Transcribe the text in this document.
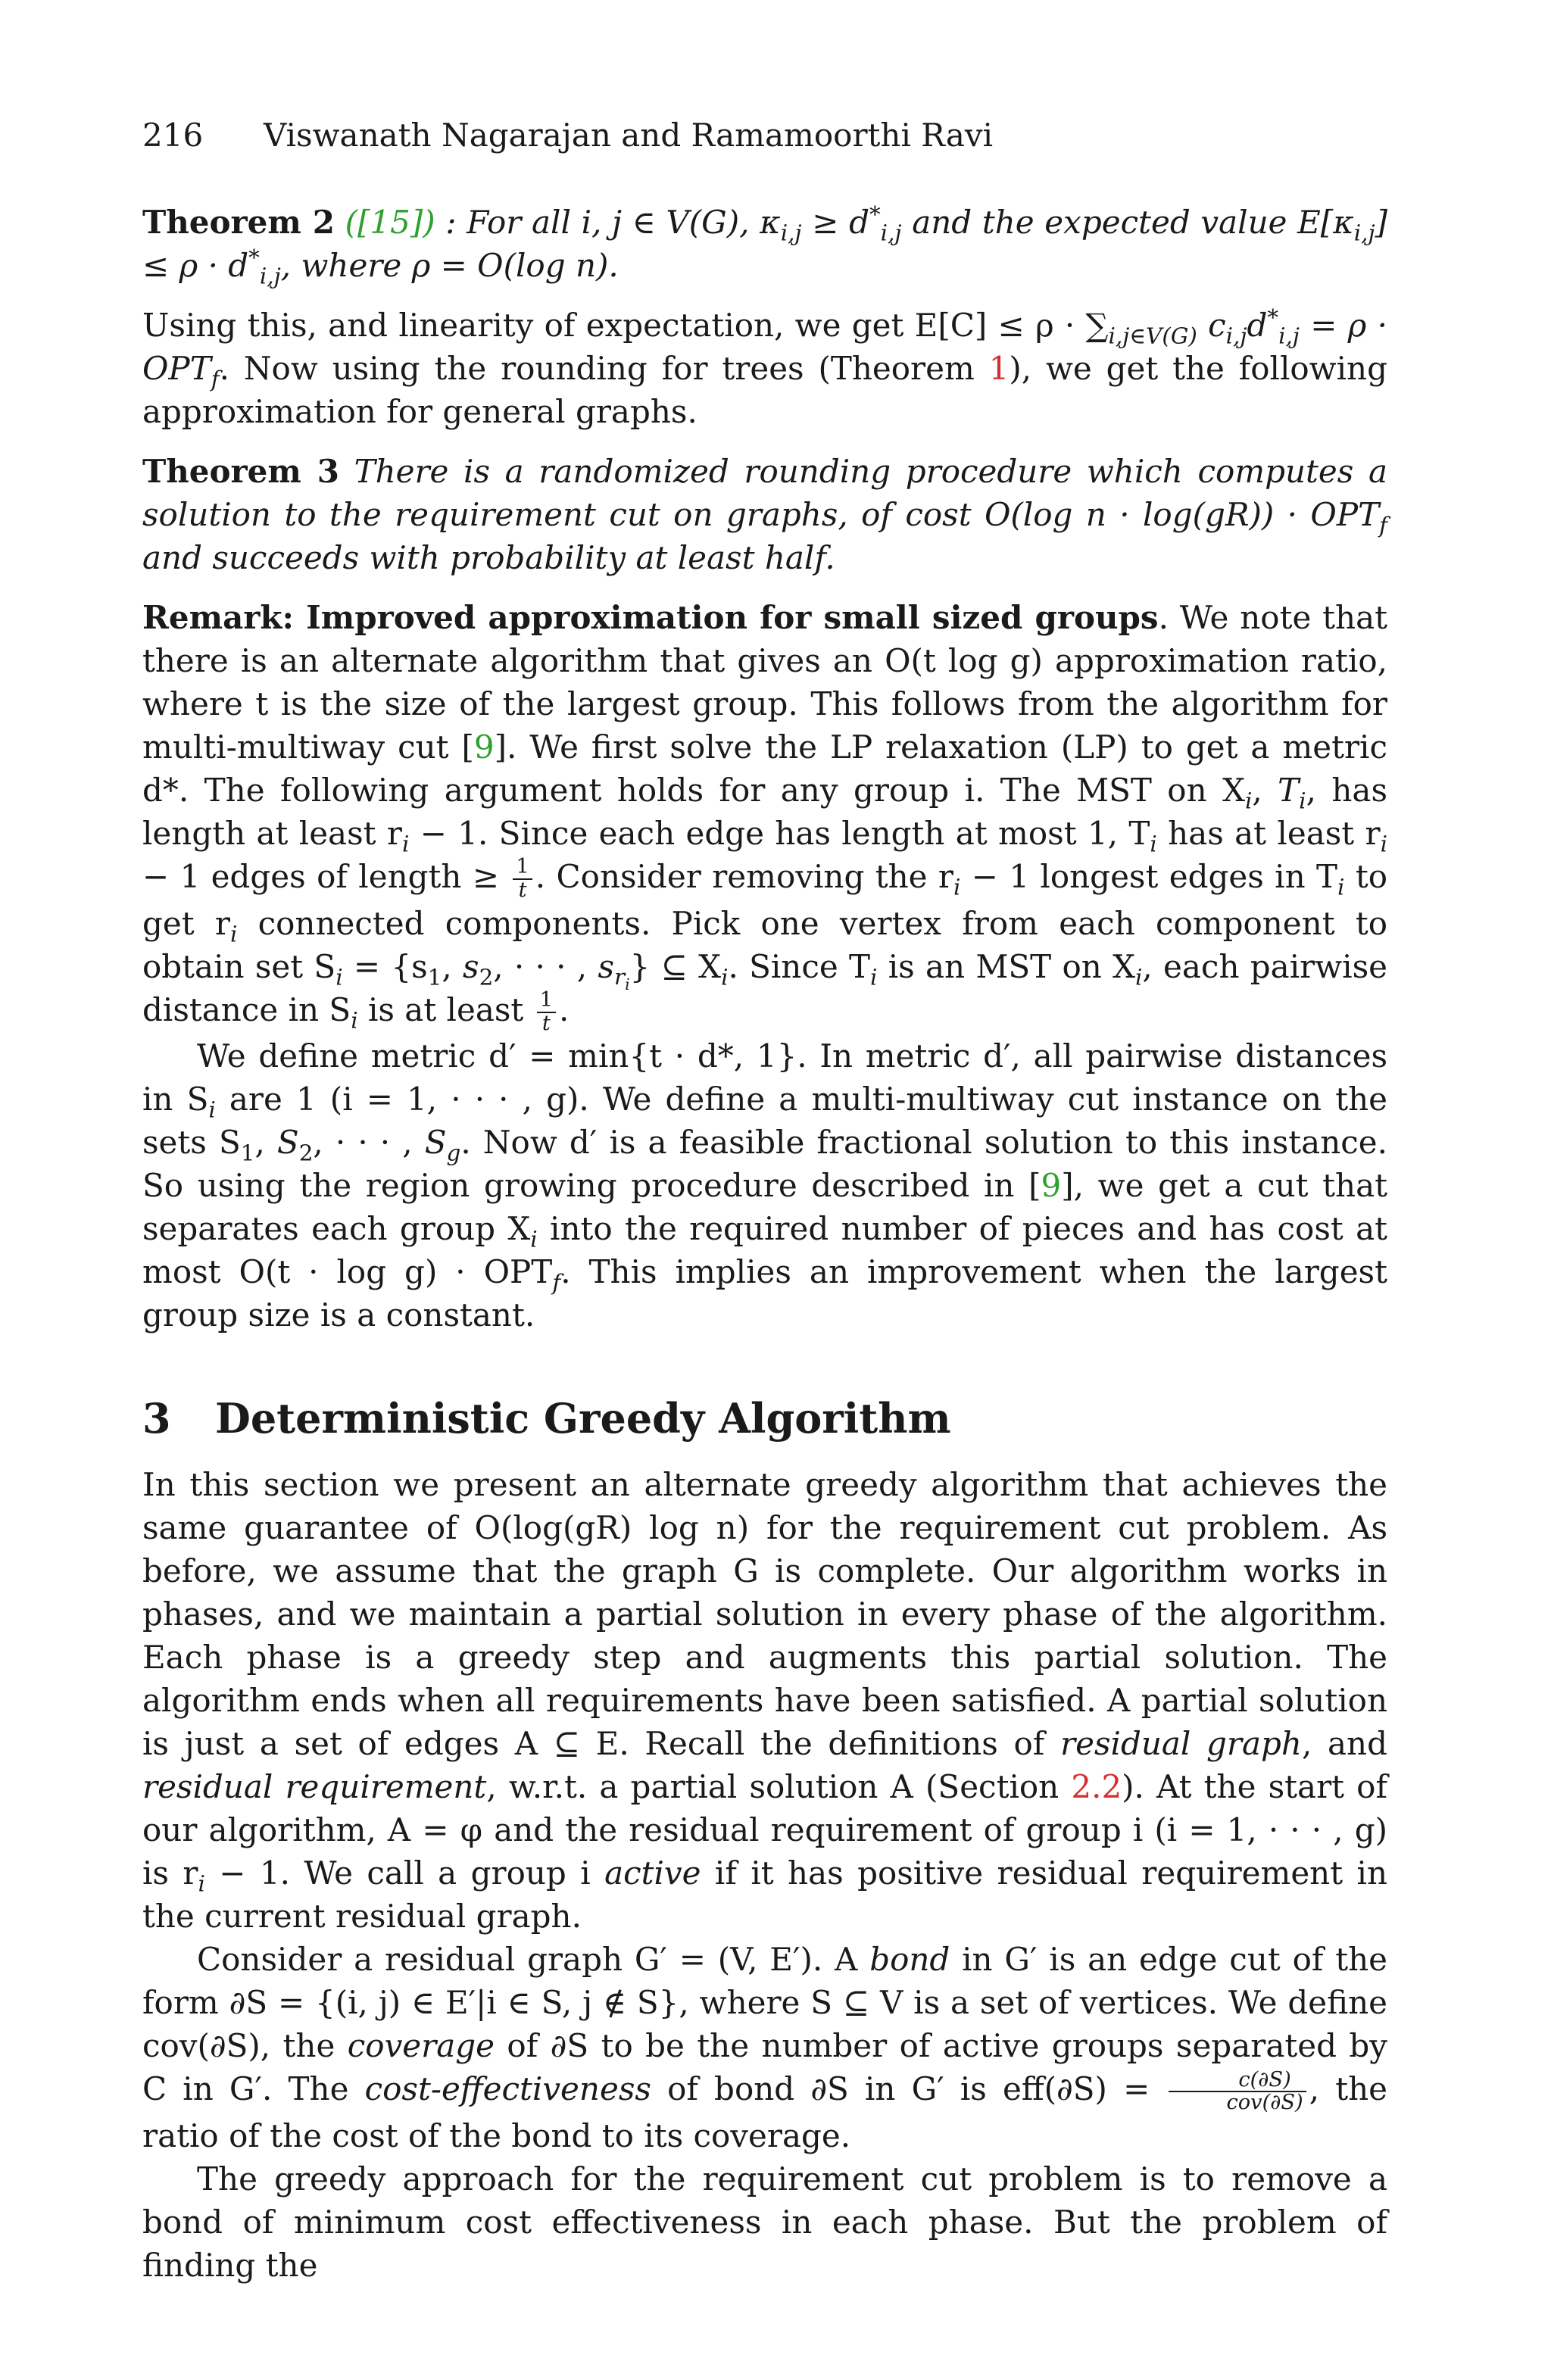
216 Viswanath Nagarajan and Ramamoorthi Ravi

Theorem 2 ([15]) : For all i, j ∈ V(G), $\kappa_{i,j} \ge d^*_{i,j}$ and the expected value $E[\kappa_{i,j}] \le \rho \cdot d^*_{i,j}$, where ρ = O(log n).

Using this, and linearity of expectation, we get $E[C] \le \rho \cdot \sum_{i,j\in V(G)}$ $c_{i,j}d^*_{i,j} = \rho \cdot OPT_f$. Now using the rounding for trees (Theorem 1), we get the following approximation for general graphs.

Theorem 3 There is a randomized rounding procedure which computes a solution to the requirement cut on graphs, of cost O(log $n \cdot \log(gR)) \cdot OPT_f$ and succeeds with probability at least half.

Remark: Improved approximation for small sized groups. We note that there is an alternate algorithm that gives an O(t log g) approximation ratio, where t is the size of the largest group. This follows from the algorithm for multi-multiway cut [9]. We first solve the LP relaxation (LP) to get a metric d*. The following argument holds for any group i. The MST on $X_i$, $T_i$, has length at least $r_i - 1$. Since each edge has length at most 1, $T_i$ has at least $r_i - 1$ edges of length ≥ $\frac{1}{t}$ . Consider removing the $r_i - 1$ longest edges in $T_i$ to get $r_i$ connected components. Pick one vertex from each component to obtain set $S_i = \{s_1$, $s_2$, · · · , $s_{r_i}$} ⊆ $X_i$. Since $T_i$ is an MST on $X_i$, each pairwise distance in $S_i$ is at least $\frac{1}{t}$ .

We define metric d′ = min{t · d*, 1}. In metric d′, all pairwise distances in $S_i$ are 1 (i = 1, · · · , g). We define a multi-multiway cut instance on the sets $S_1$, $S_2$, · · · , $S_g$. Now d′ is a feasible fractional solution to this instance. So using the region growing procedure described in [9], we get a cut that separates each group $X_i$ into the required number of pieces and has cost at most $O(t \cdot \log g) \cdot OPT_f$. This implies an improvement when the largest group size is a constant.

3 Deterministic Greedy Algorithm

In this section we present an alternate greedy algorithm that achieves the same guarantee of O(log(gR) log n) for the requirement cut problem. As before, we assume that the graph G is complete. Our algorithm works in phases, and we maintain a partial solution in every phase of the algorithm. Each phase is a greedy step and augments this partial solution. The algorithm ends when all requirements have been satisfied. A partial solution is just a set of edges A ⊆ E. Recall the definitions of residual graph, and residual requirement, w.r.t. a partial solution A (Section 2.2). At the start of our algorithm, A = φ and the residual requirement of group i (i = 1, · · · , g) is $r_i - 1$. We call a group i active if it has positive residual requirement in the current residual graph.

Consider a residual graph G′ = (V, E′). A bond in G′ is an edge cut of the form ∂S = {(i, j) ∈ E′|i ∈ S, j ∉ S}, where S ⊆ V is a set of vertices. We define cov(∂S), the coverage of ∂S to be the number of active groups separated by C in G′. The cost-effectiveness of bond ∂S in G′ is $eff(\partial S) = \frac{c(\partial S)}{\text{cov(∂S)}}$ , the ratio of the cost of the bond to its coverage.

The greedy approach for the requirement cut problem is to remove a bond of minimum cost effectiveness in each phase. But the problem of finding the
